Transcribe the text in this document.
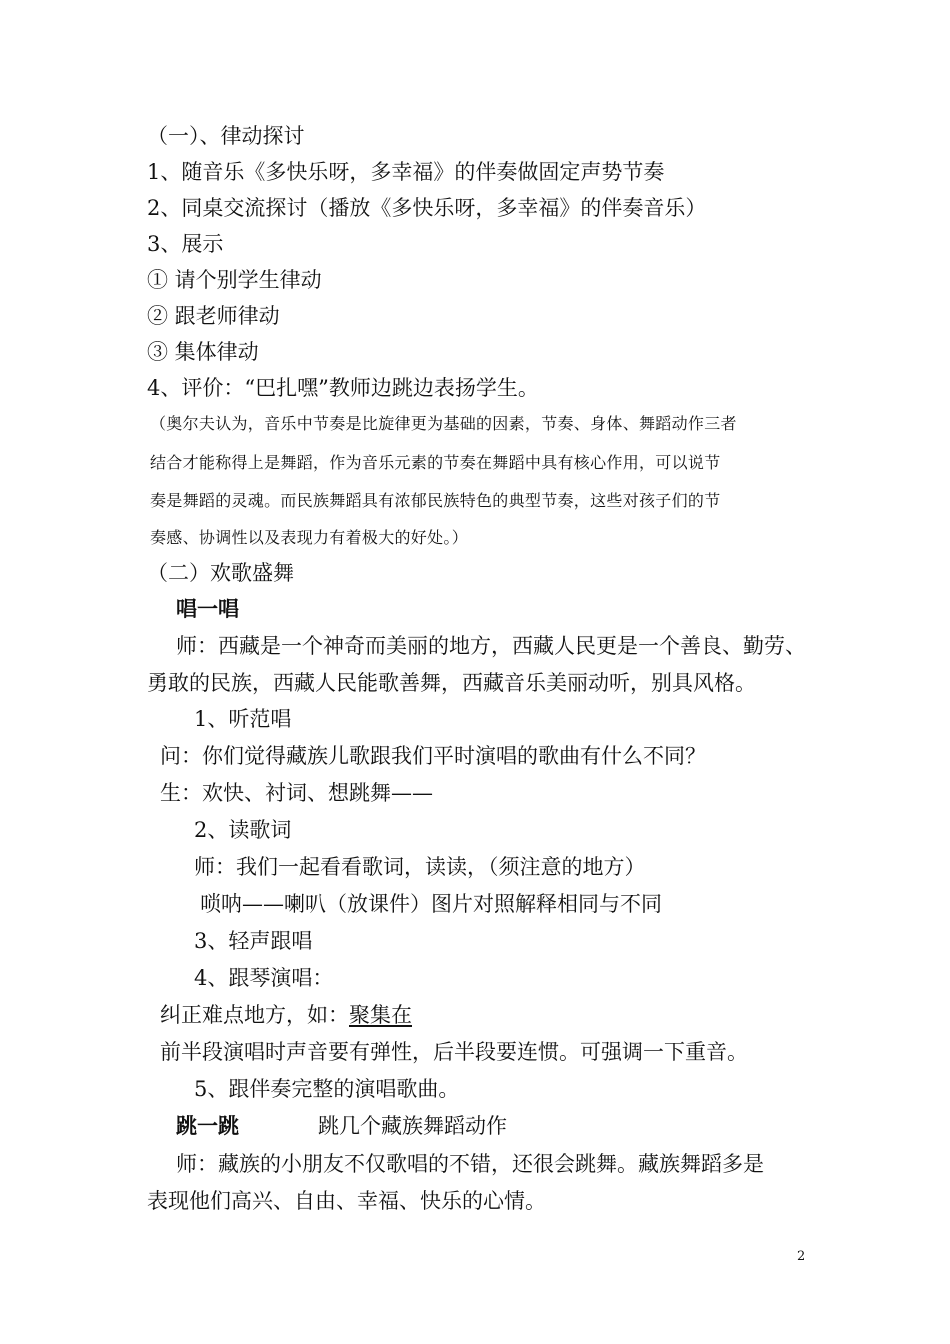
（一）、律动探讨
1、随音乐《多快乐呀，多幸福》的伴奏做固定声势节奏
2、同桌交流探讨（播放《多快乐呀，多幸福》的伴奏音乐）
3、展示
① 请个别学生律动
② 跟老师律动
③ 集体律动
4、评价：“巴扎嘿”教师边跳边表扬学生。
（奥尔夫认为，音乐中节奏是比旋律更为基础的因素，节奏、身体、舞蹈动作三者
结合才能称得上是舞蹈，作为音乐元素的节奏在舞蹈中具有核心作用，可以说节
奏是舞蹈的灵魂。而民族舞蹈具有浓郁民族特色的典型节奏，这些对孩子们的节
奏感、协调性以及表现力有着极大的好处。）
（二）欢歌盛舞
唱一唱
师：西藏是一个神奇而美丽的地方，西藏人民更是一个善良、勤劳、
勇敢的民族，西藏人民能歌善舞，西藏音乐美丽动听，别具风格。
1、听范唱
问：你们觉得藏族儿歌跟我们平时演唱的歌曲有什么不同？
生：欢快、衬词、想跳舞——
2、读歌词
师：我们一起看看歌词，读读，（须注意的地方）
唢呐——喇叭（放课件）图片对照解释相同与不同
3、轻声跟唱
4、跟琴演唱：
纠正难点地方，如：聚集在
前半段演唱时声音要有弹性，后半段要连惯。可强调一下重音。
5、跟伴奏完整的演唱歌曲。
跳一跳	跳几个藏族舞蹈动作
师：藏族的小朋友不仅歌唱的不错，还很会跳舞。藏族舞蹈多是
表现他们高兴、自由、幸福、快乐的心情。
2
